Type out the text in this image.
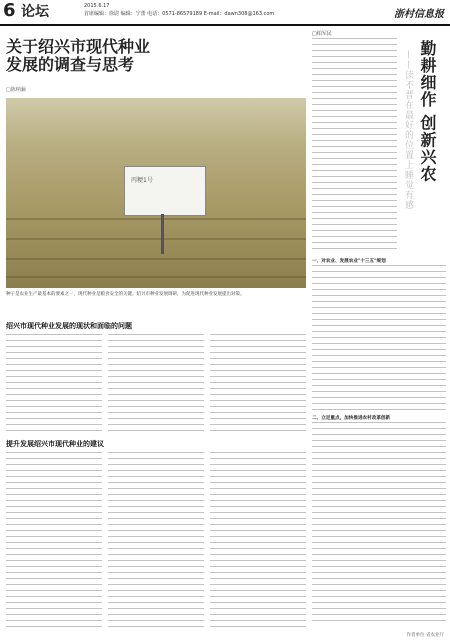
6 论坛	2015.6.17
首席编辑：徐尉 编辑：宁蕾 电话：0571-86579189 E-mail：dawn308@163.com	浙村信息报
关于绍兴市现代种业
发展的调查与思考
□陈纳骊
丙粳1号
种子是农业生产最基本的要素之一，现代种业是粮食安全的关键。绍兴市种业发展调研，为促进现代种业发展提出对策。
绍兴市现代种业发展的现状和面临的问题
提升发展绍兴市现代种业的建议
□柏军民
勤耕细作 创新兴农
——读不晋在最好的位置上睡觉有感

一、对农业、发展农业"十三五"规划

二、立足重点，加快推进农村改革创新

作者单位 省农业厅
